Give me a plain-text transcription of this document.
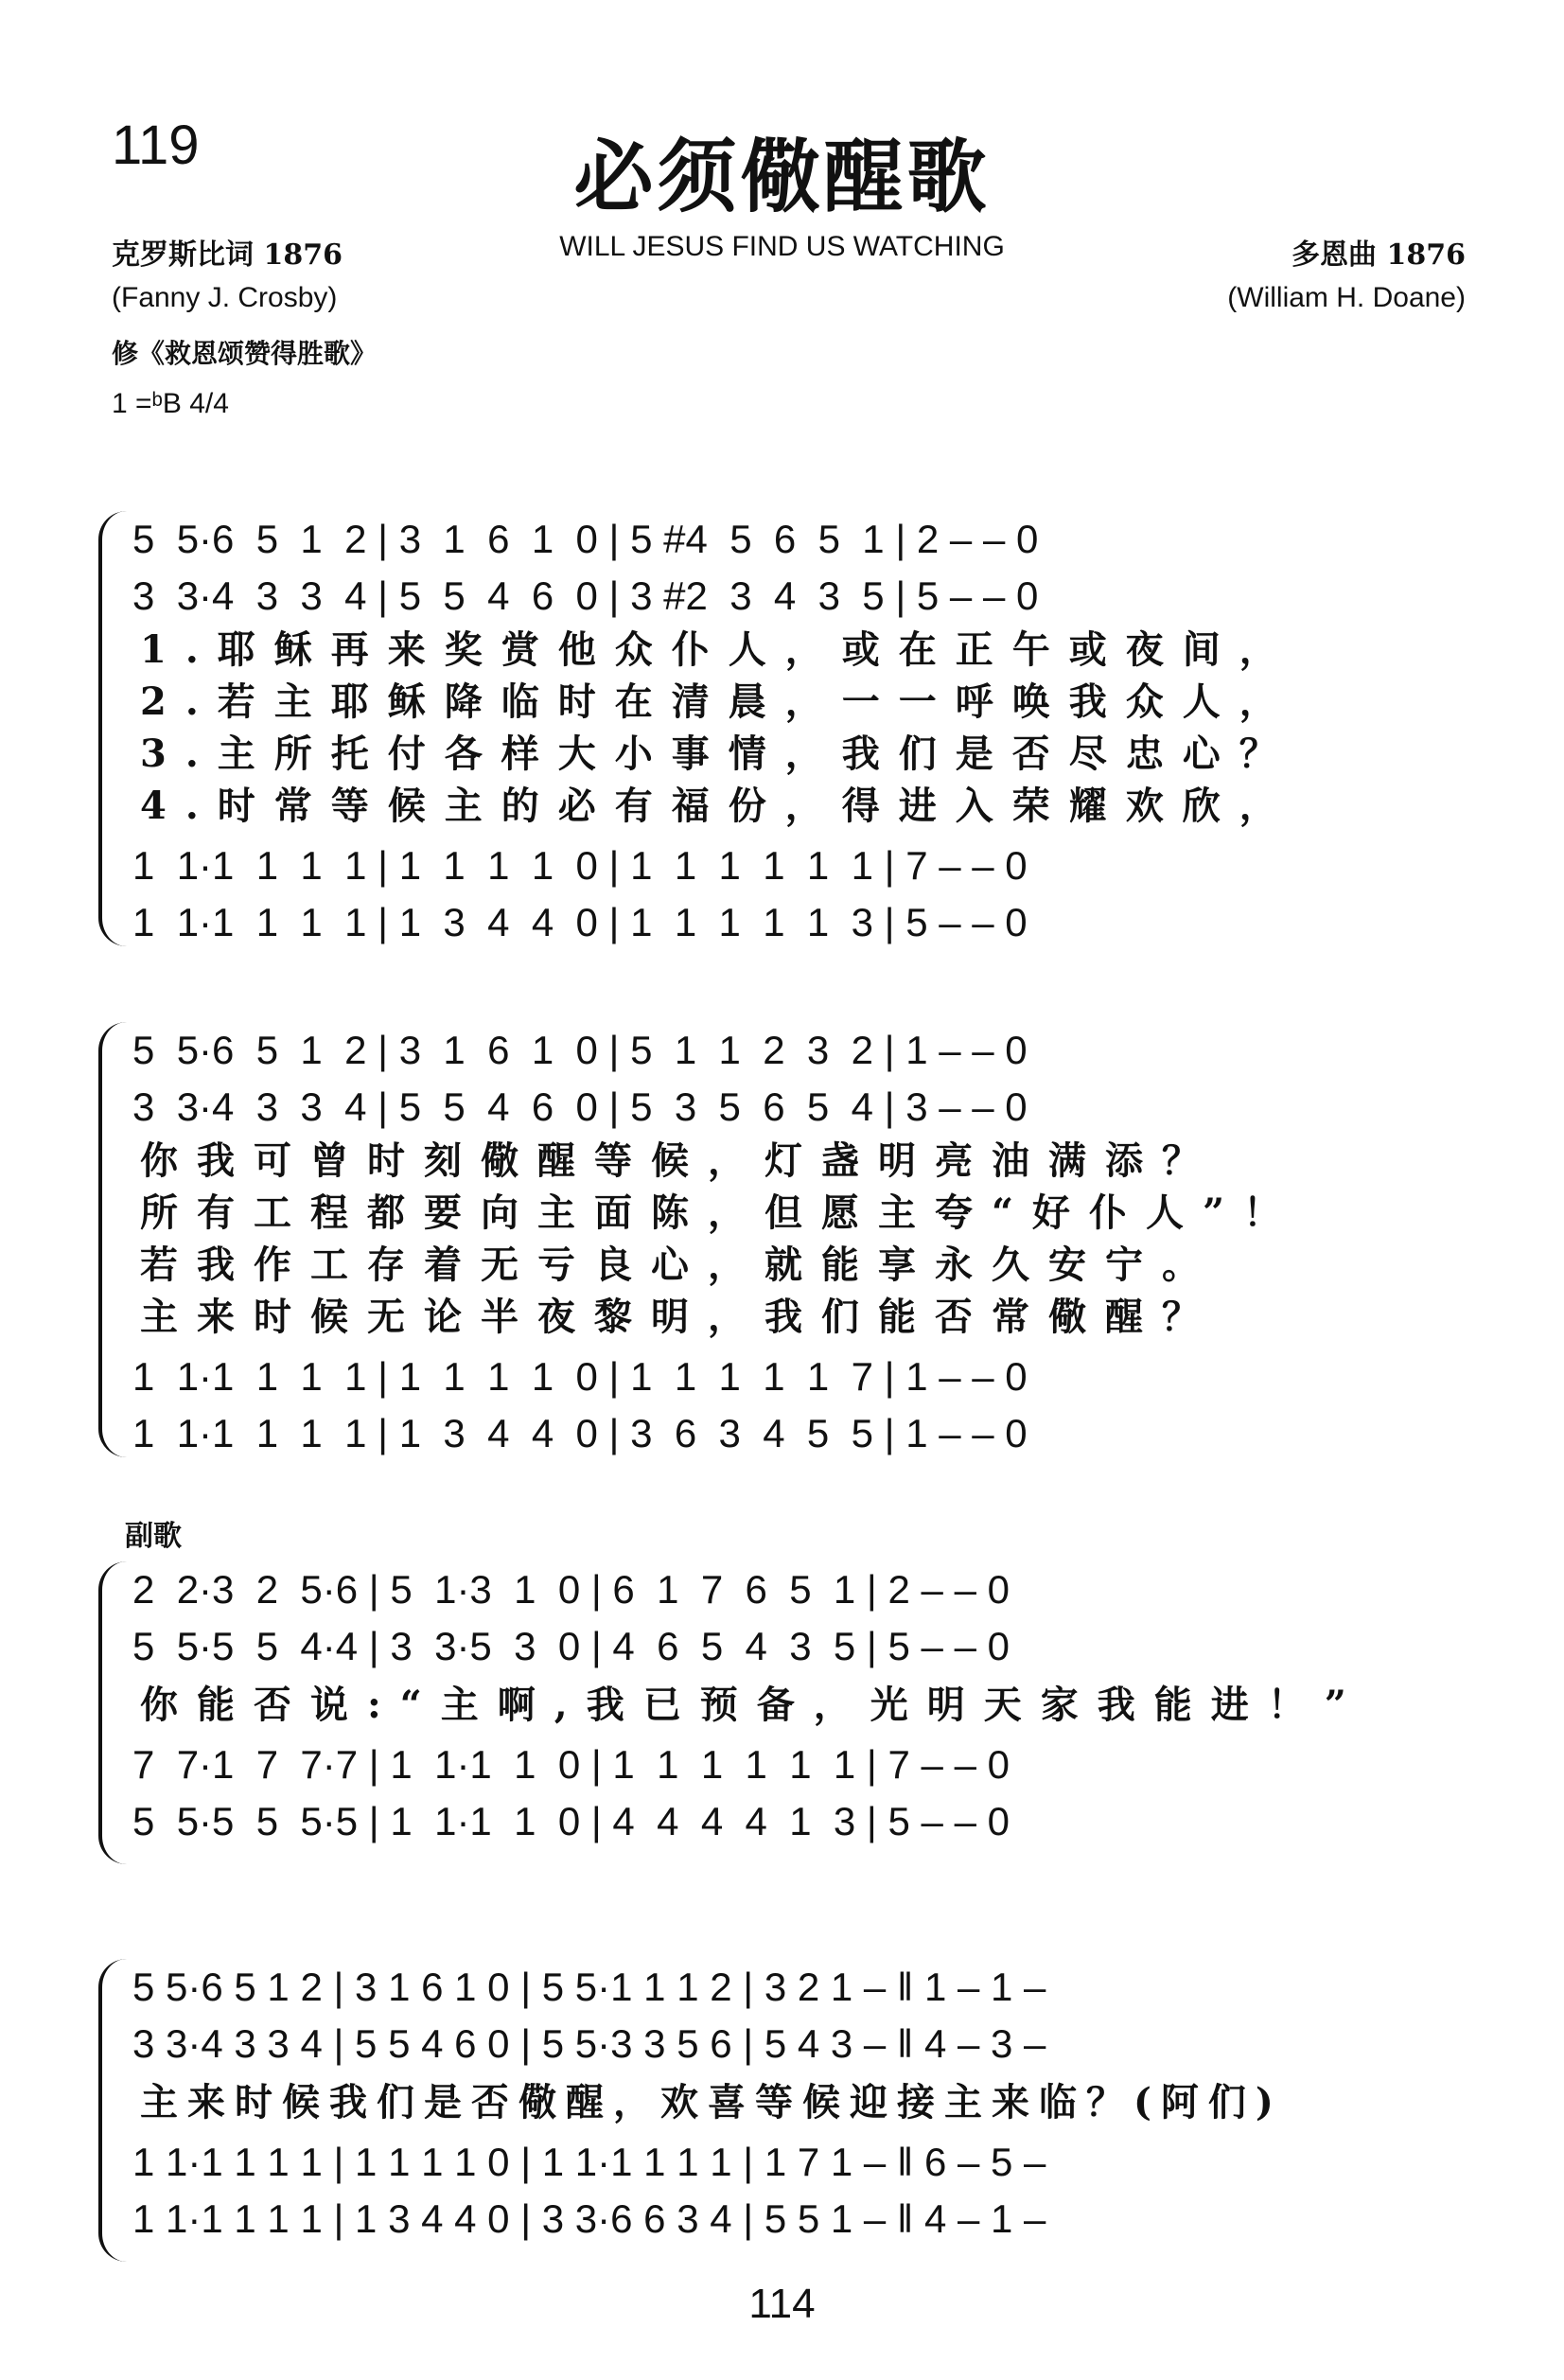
119	必须儆醒歌
WILL JESUS FIND US WATCHING
克罗斯比词 1876
(Fanny J. Crosby)
修《救恩颂赞得胜歌》
1 =ᵇB 4/4
多恩曲 1876
(William H. Doane)
5  5·6  5  1  2 | 3  1  6  1  0 | 5 #4  5  6  5  1 | 2 – – 0
3  3·4  3  3  4 | 5  5  4  6  0 | 3 #2  3  4  3  5 | 5 – – 0
1.耶稣再来奖赏他众仆人，或在正午或夜间，
2.若主耶稣降临时在清晨，一一呼唤我众人，
3.主所托付各样大小事情，我们是否尽忠心？
4.时常等候主的必有福份，得进入荣耀欢欣，
1  1·1  1  1  1 | 1  1  1  1  0 | 1  1  1  1  1  1 | 7 – – 0
1  1·1  1  1  1 | 1  3  4  4  0 | 1  1  1  1  1  3 | 5 – – 0
5  5·6  5  1  2 | 3  1  6  1  0 | 5  1  1  2  3  2 | 1 – – 0
3  3·4  3  3  4 | 5  5  4  6  0 | 5  3  5  6  5  4 | 3 – – 0
你我可曾时刻儆醒等候，灯盏明亮油满添？
所有工程都要向主面陈，但愿主夸“好仆人”！
若我作工存着无亏良心，就能享永久安宁。
主来时候无论半夜黎明，我们能否常儆醒？
1  1·1  1  1  1 | 1  1  1  1  0 | 1  1  1  1  1  7 | 1 – – 0
1  1·1  1  1  1 | 1  3  4  4  0 | 3  6  3  4  5  5 | 1 – – 0
副歌
2  2·3  2  5·6 | 5  1·3  1  0 | 6  1  7  6  5  1 | 2 – – 0
5  5·5  5  4·4 | 3  3·5  3  0 | 4  6  5  4  3  5 | 5 – – 0
你能否说:“主啊,我已预备，光明天家我能进！”
7  7·1  7  7·7 | 1  1·1  1  0 | 1  1  1  1  1  1 | 7 – – 0
5  5·5  5  5·5 | 1  1·1  1  0 | 4  4  4  4  1  3 | 5 – – 0
5 5·6 5 1 2 | 3 1 6 1 0 | 5 5·1 1 1 2 | 3 2 1 – ‖ 1 – 1 –
3 3·4 3 3 4 | 5 5 4 6 0 | 5 5·3 3 5 6 | 5 4 3 – ‖ 4 – 3 –
主来时候我们是否儆醒，欢喜等候迎接主来临？(阿们)
1 1·1 1 1 1 | 1 1 1 1 0 | 1 1·1 1 1 1 | 1 7 1 – ‖ 6 – 5 –
1 1·1 1 1 1 | 1 3 4 4 0 | 3 3·6 6 3 4 | 5 5 1 – ‖ 4 – 1 –
114
